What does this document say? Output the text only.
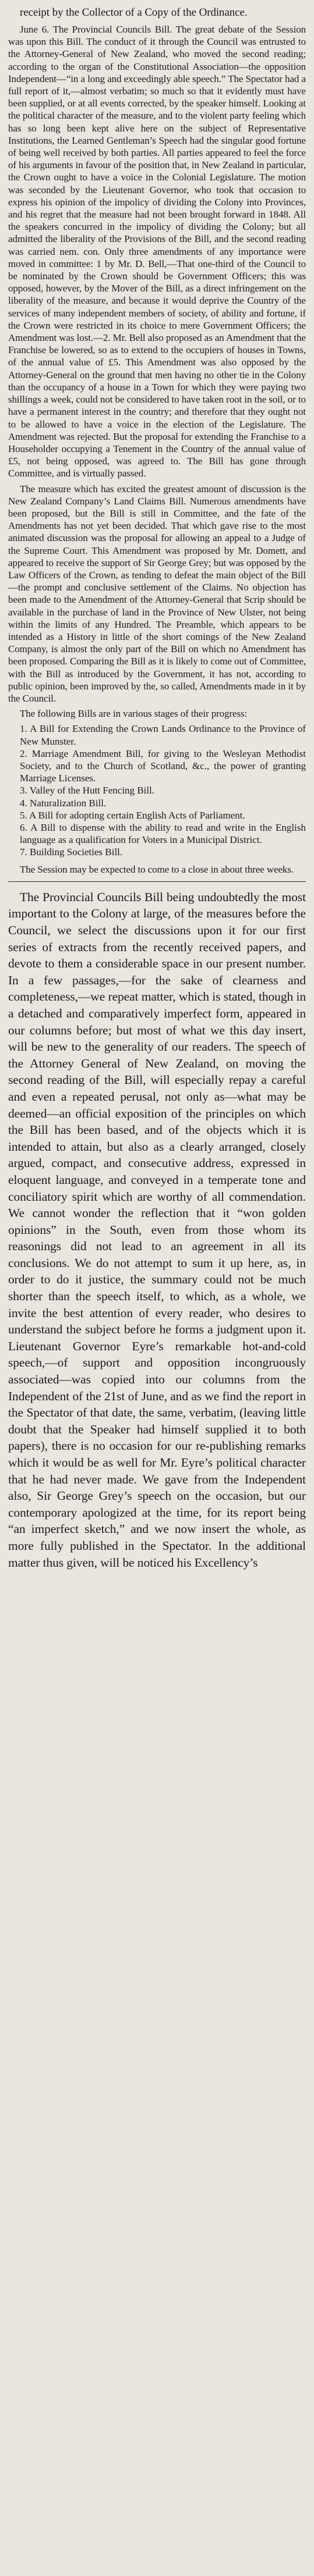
receipt by the Collector of a Copy of the Ordinance.

June 6. The Provincial Councils Bill. The great debate of the Session was upon this Bill. The conduct of it through the Council was entrusted to the Attorney-General of New Zealand, who moved the second reading; according to the organ of the Constitutional Association—the opposition Independent—“in a long and exceedingly able speech.” The Spectator had a full report of it,—almost verbatim; so much so that it evidently must have been supplied, or at all events corrected, by the speaker himself. Looking at the political character of the measure, and to the violent party feeling which has so long been kept alive here on the subject of Representative Institutions, the Learned Gentleman’s Speech had the singular good fortune of being well received by both parties. All parties appeared to feel the force of his arguments in favour of the position that, in New Zealand in particular, the Crown ought to have a voice in the Colonial Legislature. The motion was seconded by the Lieutenant Governor, who took that occasion to express his opinion of the impolicy of dividing the Colony into Provinces, and his regret that the measure had not been brought forward in 1848. All the speakers concurred in the impolicy of dividing the Colony; but all admitted the liberality of the Provisions of the Bill, and the second reading was carried nem. con. Only three amendments of any importance were moved in committee: 1 by Mr. D. Bell,—That one-third of the Council to be nominated by the Crown should be Government Officers; this was opposed, however, by the Mover of the Bill, as a direct infringement on the liberality of the measure, and because it would deprive the Country of the services of many independent members of society, of ability and fortune, if the Crown were restricted in its choice to mere Government Officers; the Amendment was lost.—2. Mr. Bell also proposed as an Amendment that the Franchise be lowered, so as to extend to the occupiers of houses in Towns, of the annual value of £5. This Amendment was also opposed by the Attorney-General on the ground that men having no other tie in the Colony than the occupancy of a house in a Town for which they were paying two shillings a week, could not be considered to have taken root in the soil, or to have a permanent interest in the country; and therefore that they ought not to be allowed to have a voice in the election of the Legislature. The Amendment was rejected. But the proposal for extending the Franchise to a Householder occupying a Tenement in the Country of the annual value of £5, not being opposed, was agreed to. The Bill has gone through Committee, and is virtually passed.

The measure which has excited the greatest amount of discussion is the New Zealand Company’s Land Claims Bill. Numerous amendments have been proposed, but the Bill is still in Committee, and the fate of the Amendments has not yet been decided. That which gave rise to the most animated discussion was the proposal for allowing an appeal to a Judge of the Supreme Court. This Amendment was proposed by Mr. Domett, and appeared to receive the support of Sir George Grey; but was opposed by the Law Officers of the Crown, as tending to defeat the main object of the Bill—the prompt and conclusive settlement of the Claims. No objection has been made to the Amendment of the Attorney-General that Scrip should be available in the purchase of land in the Province of New Ulster, not being within the limits of any Hundred. The Preamble, which appears to be intended as a History in little of the short comings of the New Zealand Company, is almost the only part of the Bill on which no Amendment has been proposed. Comparing the Bill as it is likely to come out of Committee, with the Bill as introduced by the Government, it has not, according to public opinion, been improved by the, so called, Amendments made in it by the Council.

The following Bills are in various stages of their progress:

1. A Bill for Extending the Crown Lands Ordinance to the Province of New Munster.
2. Marriage Amendment Bill, for giving to the Wesleyan Methodist Society, and to the Church of Scotland, &c., the power of granting Marriage Licenses.
3. Valley of the Hutt Fencing Bill.
4. Naturalization Bill.
5. A Bill for adopting certain English Acts of Parliament.
6. A Bill to dispense with the ability to read and write in the English language as a qualification for Voters in a Municipal District.
7. Building Societies Bill.

The Session may be expected to come to a close in about three weeks.

The Provincial Councils Bill being undoubtedly the most important to the Colony at large, of the measures before the Council, we select the discussions upon it for our first series of extracts from the recently received papers, and devote to them a considerable space in our present number. In a few passages,—for the sake of clearness and completeness,—we repeat matter, which is stated, though in a detached and comparatively imperfect form, appeared in our columns before; but most of what we this day insert, will be new to the generality of our readers. The speech of the Attorney General of New Zealand, on moving the second reading of the Bill, will especially repay a careful and even a repeated perusal, not only as—what may be deemed—an official exposition of the principles on which the Bill has been based, and of the objects which it is intended to attain, but also as a clearly arranged, closely argued, compact, and consecutive address, expressed in eloquent language, and conveyed in a temperate tone and conciliatory spirit which are worthy of all commendation. We cannot wonder the reflection that it “won golden opinions” in the South, even from those whom its reasonings did not lead to an agreement in all its conclusions. We do not attempt to sum it up here, as, in order to do it justice, the summary could not be much shorter than the speech itself, to which, as a whole, we invite the best attention of every reader, who desires to understand the subject before he forms a judgment upon it. Lieutenant Governor Eyre’s remarkable hot-and-cold speech,—of support and opposition incongruously associated—was copied into our columns from the Independent of the 21st of June, and as we find the report in the Spectator of that date, the same, verbatim, (leaving little doubt that the Speaker had himself supplied it to both papers), there is no occasion for our re-publishing remarks which it would be as well for Mr. Eyre’s political character that he had never made. We gave from the Independent also, Sir George Grey’s speech on the occasion, but our contemporary apologized at the time, for its report being “an imperfect sketch,” and we now insert the whole, as more fully published in the Spectator. In the additional matter thus given, will be noticed his Excellency’s
